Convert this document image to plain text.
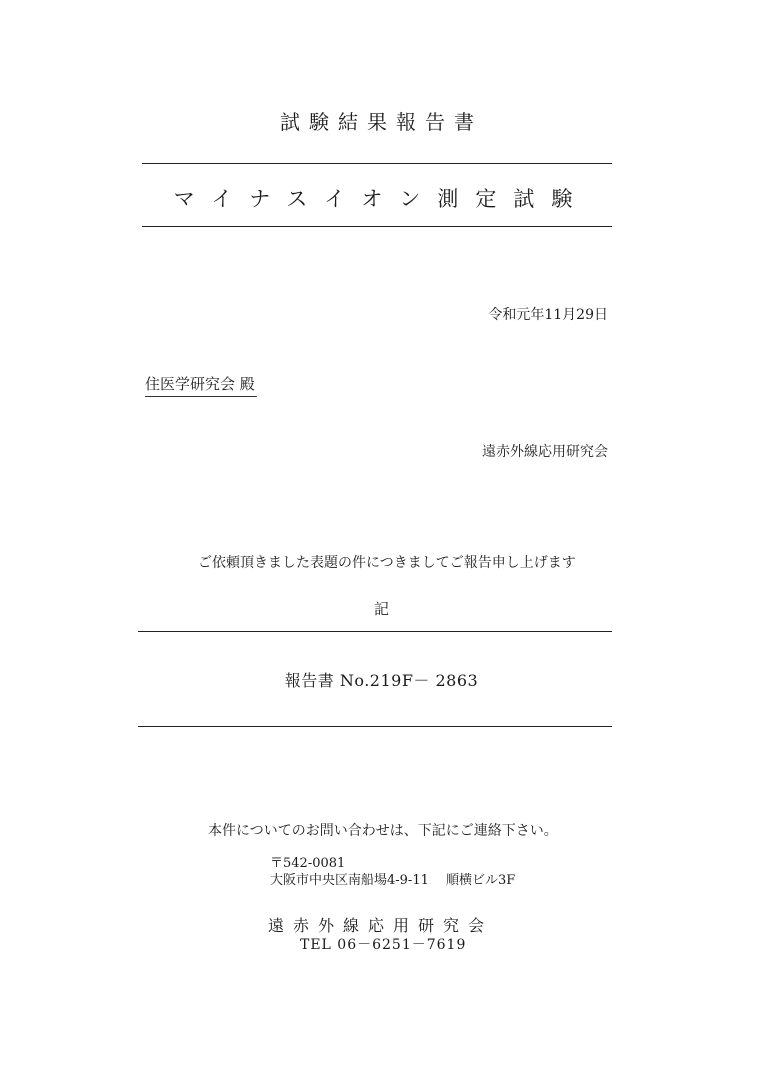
試験結果報告書
マイナスイオン測定試験
令和元年11月29日
住医学研究会 殿
遠赤外線応用研究会
ご依頼頂きました表題の件につきましてご報告申し上げます
記
報告書 No.219F－ 2863
本件についてのお問い合わせは、下記にご連絡下さい。
〒542-0081
大阪市中央区南船場4-9-11　 順横ビル3F
遠赤外線応用研究会
TEL 06－6251－7619
